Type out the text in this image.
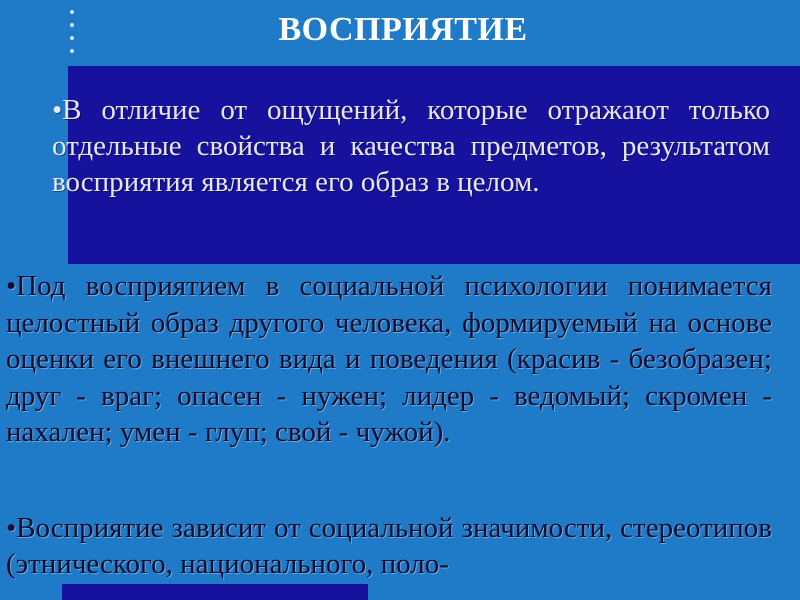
ВОСПРИЯТИЕ
•В отличие от ощущений, которые отражают только отдельные свойства и качества предметов, результатом восприятия является его образ в целом.
•Под восприятием в социальной психологии понимается целостный образ другого человека, формируемый на основе оценки его внешнего вида и поведения (красив - безобразен; друг - враг; опасен - нужен; лидер - ведомый; скромен - нахален; умен - глуп; свой - чужой).
•Восприятие зависит от социальной значимости, стереотипов (этнического, национального, поло-
